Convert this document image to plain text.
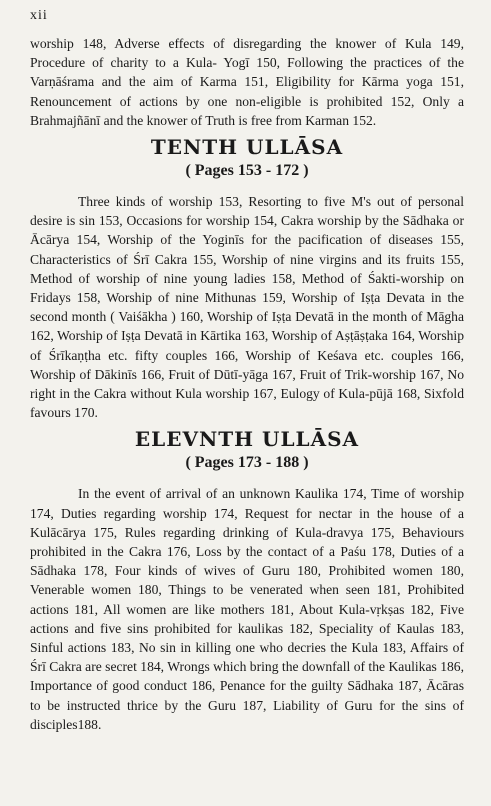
xii

worship 148, Adverse effects of disregarding the knower of Kula 149, Procedure of charity to a Kula- Yogī 150, Following the practices of the Varṇāśrama and the aim of Karma 151, Eligibility for Kārma yoga 151, Renouncement of actions by one non-eligible is prohibited 152, Only a Brahmajñānī and the knower of Truth is free from Karman 152.

TENTH ULLĀSA
( Pages 153 - 172 )

Three kinds of worship 153, Resorting to five M's out of personal desire is sin 153, Occasions for worship 154, Cakra worship by the Sādhaka or Ācārya 154, Worship of the Yoginīs for the pacification of diseases 155, Characteristics of Śrī Cakra 155, Worship of nine virgins and its fruits 155, Method of worship of nine young ladies 158, Method of Śakti-worship on Fridays 158, Worship of nine Mithunas 159, Worship of Iṣṭa Devata in the second month ( Vaiśākha ) 160, Worship of Iṣṭa Devatā in the month of Māgha 162, Worship of Iṣṭa Devatā in Kārtika 163, Worship of Aṣṭāṣṭaka 164, Worship of Śrīkaṇṭha etc. fifty couples 166, Worship of Keśava etc. couples 166, Worship of Dākinīs 166, Fruit of Dūtī-yāga 167, Fruit of Trik-worship 167, No right in the Cakra without Kula worship 167, Eulogy of Kula-pūjā 168, Sixfold favours 170.

ELEVNTH ULLĀSA
( Pages 173 - 188 )

In the event of arrival of an unknown Kaulika 174, Time of worship 174, Duties regarding worship 174, Request for nectar in the house of a Kulācārya 175, Rules regarding drinking of Kula-dravya 175, Behaviours prohibited in the Cakra 176, Loss by the contact of a Paśu 178, Duties of a Sādhaka 178, Four kinds of wives of Guru 180, Prohibited women 180, Venerable women 180, Things to be venerated when seen 181, Prohibited actions 181, All women are like mothers 181, About Kula-vṛkṣas 182, Five actions and five sins prohibited for kaulikas 182, Speciality of Kaulas 183, Sinful actions 183, No sin in killing one who decries the Kula 183, Affairs of Śrī Cakra are secret 184, Wrongs which bring the downfall of the Kaulikas 186, Importance of good conduct 186, Penance for the guilty Sādhaka 187, Ācāras to be instructed thrice by the Guru 187, Liability of Guru for the sins of disciples188.
